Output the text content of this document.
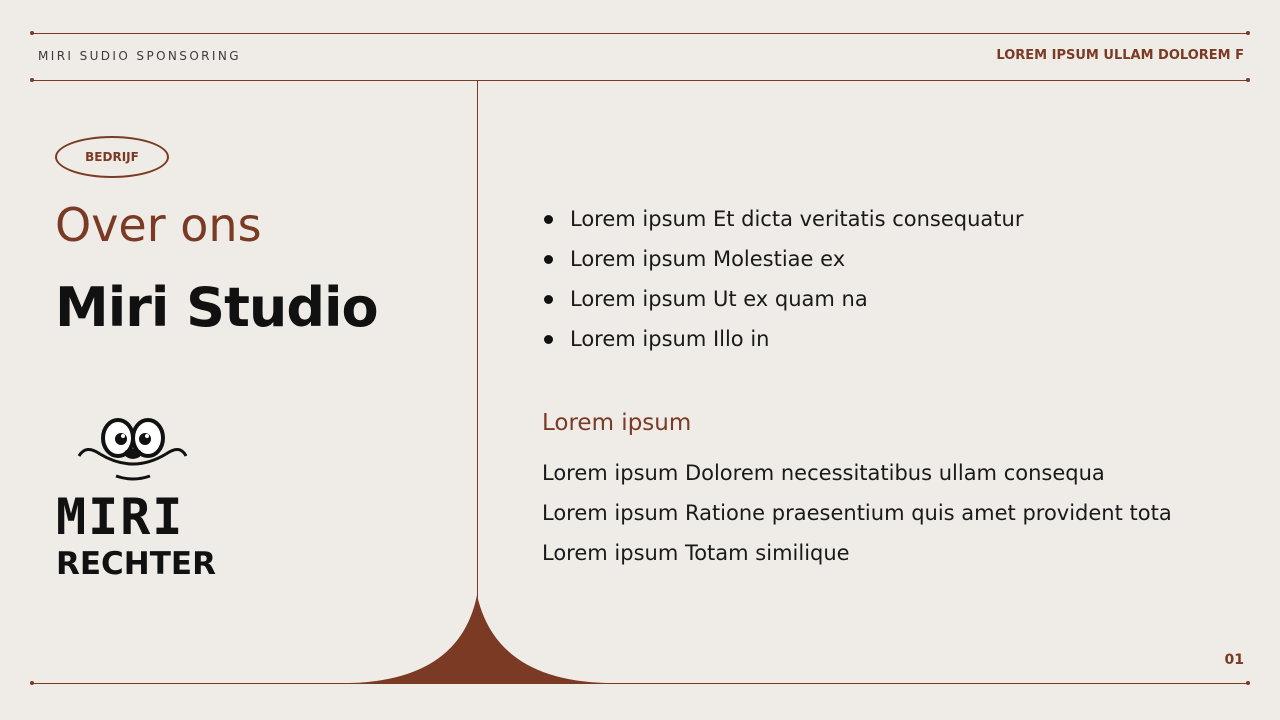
MIRI SUDIO SPONSORING	LOREM IPSUM ULLAM DOLOREM F
BEDRIJF
Over ons
Miri Studio
MIRI
RECHTER
Lorem ipsum Et dicta veritatis consequatur
Lorem ipsum Molestiae ex
Lorem ipsum Ut ex quam na
Lorem ipsum Illo in
Lorem ipsum
Lorem ipsum Dolorem necessitatibus ullam consequa
Lorem ipsum Ratione praesentium quis amet provident tota
Lorem ipsum Totam similique
01
